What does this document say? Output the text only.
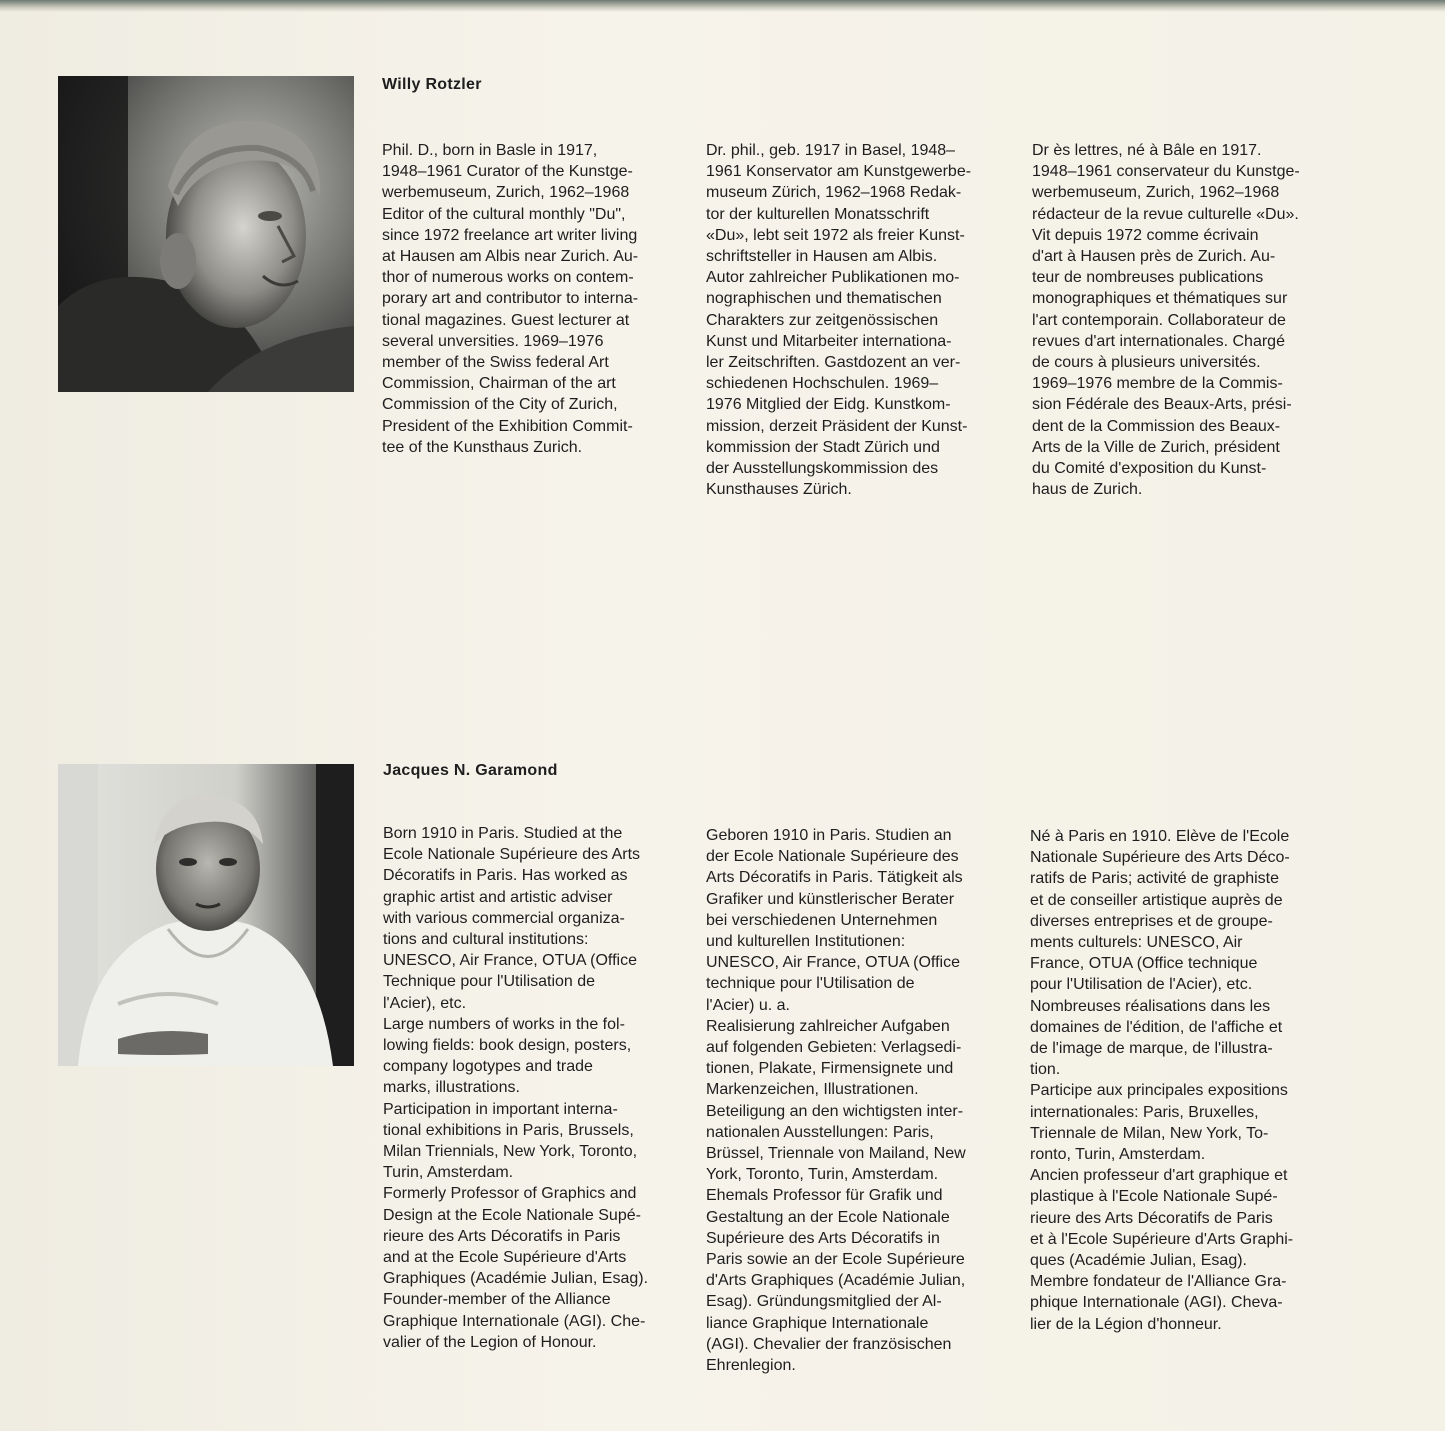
Willy Rotzler

Phil. D., born in Basle in 1917,
1948–1961 Curator of the Kunstge-
werbemuseum, Zurich, 1962–1968
Editor of the cultural monthly "Du",
since 1972 freelance art writer living
at Hausen am Albis near Zurich. Au-
thor of numerous works on contem-
porary art and contributor to interna-
tional magazines. Guest lecturer at
several unversities. 1969–1976
member of the Swiss federal Art
Commission, Chairman of the art
Commission of the City of Zurich,
President of the Exhibition Commit-
tee of the Kunsthaus Zurich.

Dr. phil., geb. 1917 in Basel, 1948–
1961 Konservator am Kunstgewerbe-
museum Zürich, 1962–1968 Redak-
tor der kulturellen Monatsschrift
«Du», lebt seit 1972 als freier Kunst-
schriftsteller in Hausen am Albis.
Autor zahlreicher Publikationen mo-
nographischen und thematischen
Charakters zur zeitgenössischen
Kunst und Mitarbeiter internationa-
ler Zeitschriften. Gastdozent an ver-
schiedenen Hochschulen. 1969–
1976 Mitglied der Eidg. Kunstkom-
mission, derzeit Präsident der Kunst-
kommission der Stadt Zürich und
der Ausstellungskommission des
Kunsthauses Zürich.

Dr ès lettres, né à Bâle en 1917.
1948–1961 conservateur du Kunstge-
werbemuseum, Zurich, 1962–1968
rédacteur de la revue culturelle «Du».
Vit depuis 1972 comme écrivain
d'art à Hausen près de Zurich. Au-
teur de nombreuses publications
monographiques et thématiques sur
l'art contemporain. Collaborateur de
revues d'art internationales. Chargé
de cours à plusieurs universités.
1969–1976 membre de la Commis-
sion Fédérale des Beaux-Arts, prési-
dent de la Commission des Beaux-
Arts de la Ville de Zurich, président
du Comité d'exposition du Kunst-
haus de Zurich.

Jacques N. Garamond

Born 1910 in Paris. Studied at the
Ecole Nationale Supérieure des Arts
Décoratifs in Paris. Has worked as
graphic artist and artistic adviser
with various commercial organiza-
tions and cultural institutions:
UNESCO, Air France, OTUA (Office
Technique pour l'Utilisation de
l'Acier), etc.
Large numbers of works in the fol-
lowing fields: book design, posters,
company logotypes and trade
marks, illustrations.
Participation in important interna-
tional exhibitions in Paris, Brussels,
Milan Triennials, New York, Toronto,
Turin, Amsterdam.
Formerly Professor of Graphics and
Design at the Ecole Nationale Supé-
rieure des Arts Décoratifs in Paris
and at the Ecole Supérieure d'Arts
Graphiques (Académie Julian, Esag).
Founder-member of the Alliance
Graphique Internationale (AGI). Che-
valier of the Legion of Honour.

Geboren 1910 in Paris. Studien an
der Ecole Nationale Supérieure des
Arts Décoratifs in Paris. Tätigkeit als
Grafiker und künstlerischer Berater
bei verschiedenen Unternehmen
und kulturellen Institutionen:
UNESCO, Air France, OTUA (Office
technique pour l'Utilisation de
l'Acier) u. a.
Realisierung zahlreicher Aufgaben
auf folgenden Gebieten: Verlagsedi-
tionen, Plakate, Firmensignete und
Markenzeichen, Illustrationen.
Beteiligung an den wichtigsten inter-
nationalen Ausstellungen: Paris,
Brüssel, Triennale von Mailand, New
York, Toronto, Turin, Amsterdam.
Ehemals Professor für Grafik und
Gestaltung an der Ecole Nationale
Supérieure des Arts Décoratifs in
Paris sowie an der Ecole Supérieure
d'Arts Graphiques (Académie Julian,
Esag). Gründungsmitglied der Al-
liance Graphique Internationale
(AGI). Chevalier der französischen
Ehrenlegion.

Né à Paris en 1910. Elève de l'Ecole
Nationale Supérieure des Arts Déco-
ratifs de Paris; activité de graphiste
et de conseiller artistique auprès de
diverses entreprises et de groupe-
ments culturels: UNESCO, Air
France, OTUA (Office technique
pour l'Utilisation de l'Acier), etc.
Nombreuses réalisations dans les
domaines de l'édition, de l'affiche et
de l'image de marque, de l'illustra-
tion.
Participe aux principales expositions
internationales: Paris, Bruxelles,
Triennale de Milan, New York, To-
ronto, Turin, Amsterdam.
Ancien professeur d'art graphique et
plastique à l'Ecole Nationale Supé-
rieure des Arts Décoratifs de Paris
et à l'Ecole Supérieure d'Arts Graphi-
ques (Académie Julian, Esag).
Membre fondateur de l'Alliance Gra-
phique Internationale (AGI). Cheva-
lier de la Légion d'honneur.
